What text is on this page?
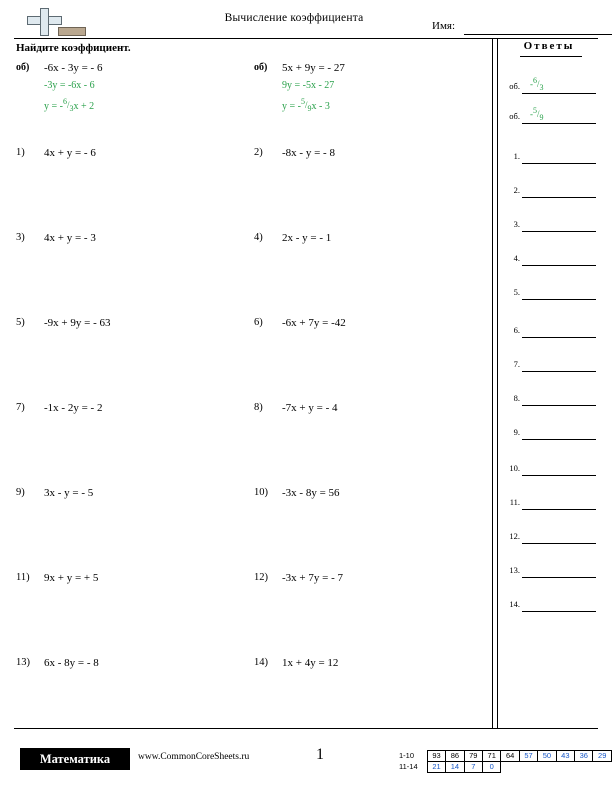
Вычисление коэффициента
Имя:
Найдите коэффициент.
об) -6x - 3y = - 6
-3y = -6x - 6
$y = -^6/_3x + 2$
об) 5x + 9y = - 27
9y = -5x - 27
$y = -^5/_9x - 3$
1) 4x + y = - 6	2) -8x - y = - 8
3) 4x + y = - 3	4) 2x - y = - 1
5) -9x + 9y = - 63	6) -6x + 7y = -42
7) -1x - 2y = - 2	8) -7x + y = - 4
9) 3x - y = - 5	10) -3x - 8y = 56
11) 9x + y = + 5	12) -3x + 7y = - 7
13) 6x - 8y = - 8	14) 1x + 4y = 12
Ответы
об. $-^6/_3$
об. $-^5/_9$
1.
2.
3.
4.
5.
6.
7.
8.
9.
10.
11.
12.
13.
14.
Математика	www.CommonCoreSheets.ru	1	1-10	93	86	79	71	64	57	50	43	36	29
11-14	21	14	7	0						
